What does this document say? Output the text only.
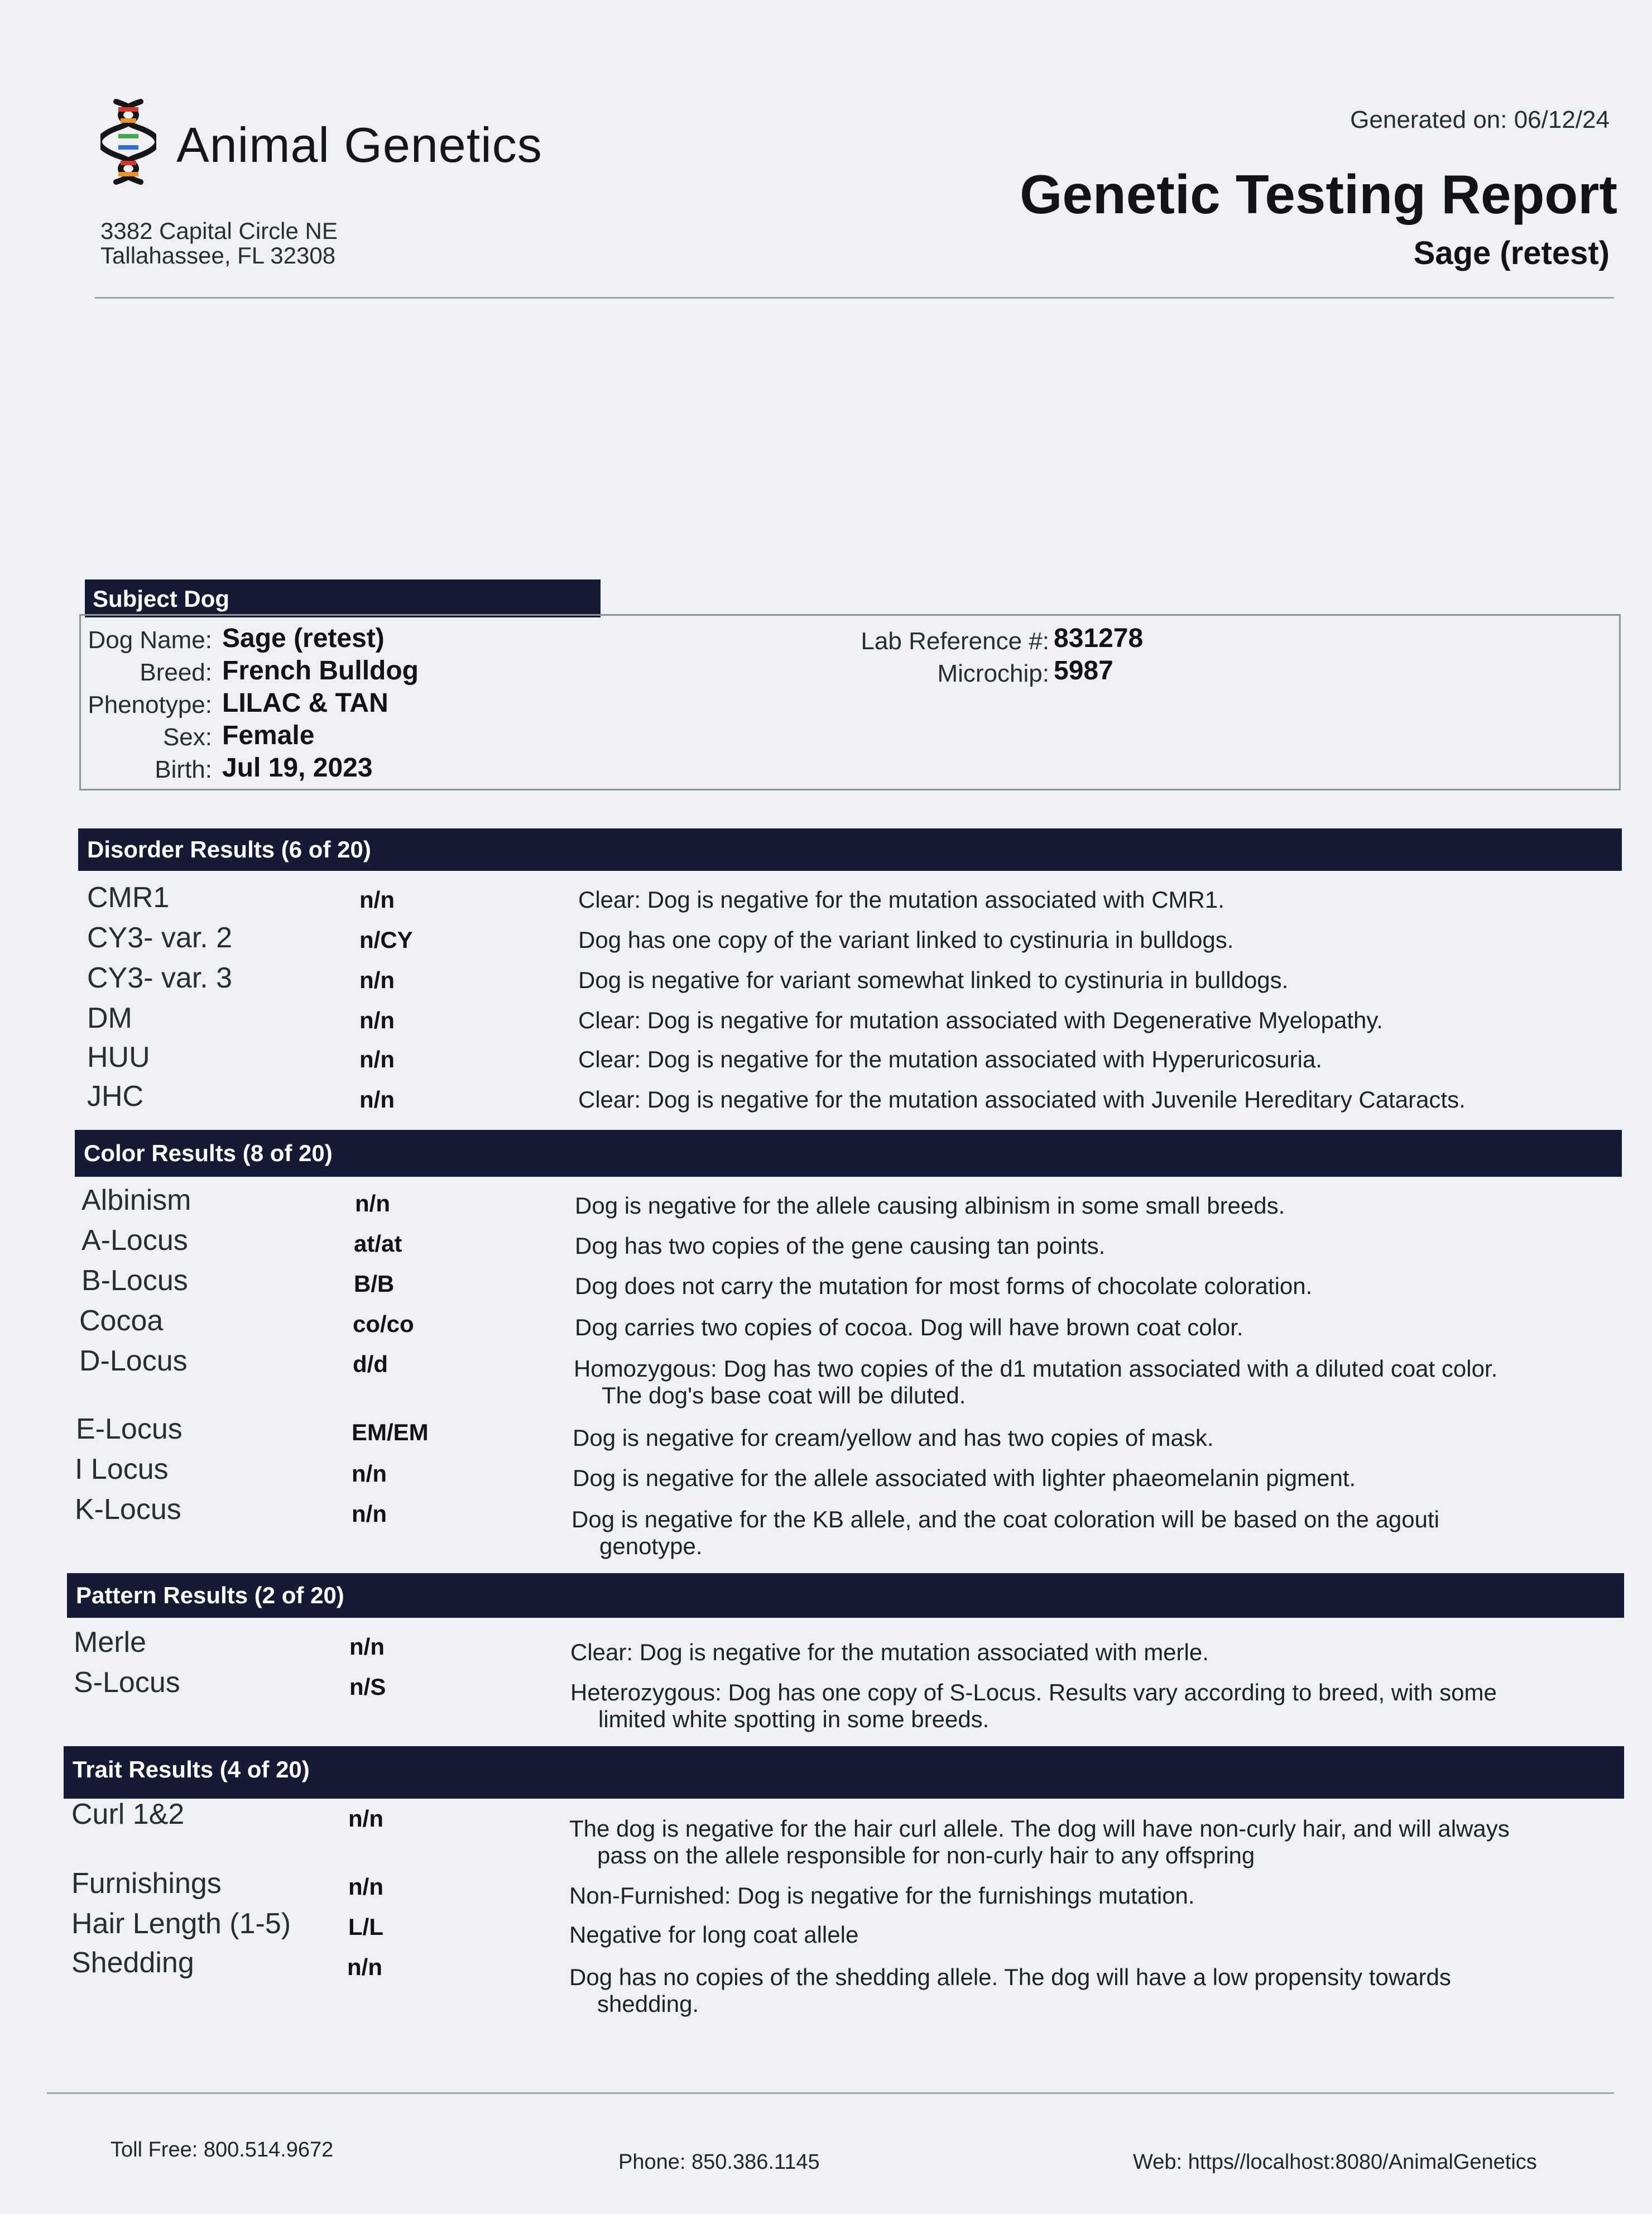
Animal Genetics
3382 Capital Circle NE
Tallahassee, FL 32308
Generated on: 06/12/24
Genetic Testing Report
Sage (retest)
Subject Dog
Dog Name: Sage (retest)
Breed: French Bulldog
Phenotype: LILAC & TAN
Sex: Female
Birth: Jul 19, 2023
Lab Reference #: 831278
Microchip: 5987
Disorder Results (6 of 20)
CMR1	n/n	Clear: Dog is negative for the mutation associated with CMR1.
CY3- var. 2	n/CY	Dog has one copy of the variant linked to cystinuria in bulldogs.
CY3- var. 3	n/n	Dog is negative for variant somewhat linked to cystinuria in bulldogs.
DM	n/n	Clear: Dog is negative for mutation associated with Degenerative Myelopathy.
HUU	n/n	Clear: Dog is negative for the mutation associated with Hyperuricosuria.
JHC	n/n	Clear: Dog is negative for the mutation associated with Juvenile Hereditary Cataracts.
Color Results (8 of 20)
Albinism	n/n	Dog is negative for the allele causing albinism in some small breeds.
A-Locus	at/at	Dog has two copies of the gene causing tan points.
B-Locus	B/B	Dog does not carry the mutation for most forms of chocolate coloration.
Cocoa	co/co	Dog carries two copies of cocoa. Dog will have brown coat color.
D-Locus	d/d	Homozygous: Dog has two copies of the d1 mutation associated with a diluted coat color.
The dog's base coat will be diluted.
E-Locus	EM/EM	Dog is negative for cream/yellow and has two copies of mask.
I Locus	n/n	Dog is negative for the allele associated with lighter phaeomelanin pigment.
K-Locus	n/n	Dog is negative for the KB allele, and the coat coloration will be based on the agouti
genotype.
Pattern Results (2 of 20)
Merle	n/n	Clear: Dog is negative for the mutation associated with merle.
S-Locus	n/S	Heterozygous: Dog has one copy of S-Locus. Results vary according to breed, with some
limited white spotting in some breeds.
Trait Results (4 of 20)
Curl 1&2	n/n	The dog is negative for the hair curl allele. The dog will have non-curly hair, and will always
pass on the allele responsible for non-curly hair to any offspring
Furnishings	n/n	Non-Furnished: Dog is negative for the furnishings mutation.
Hair Length (1-5) L/L	Negative for long coat allele
Shedding	n/n	Dog has no copies of the shedding allele. The dog will have a low propensity towards
shedding.
Toll Free: 800.514.9672
Phone: 850.386.1145	Web: https//localhost:8080/AnimalGenetics
